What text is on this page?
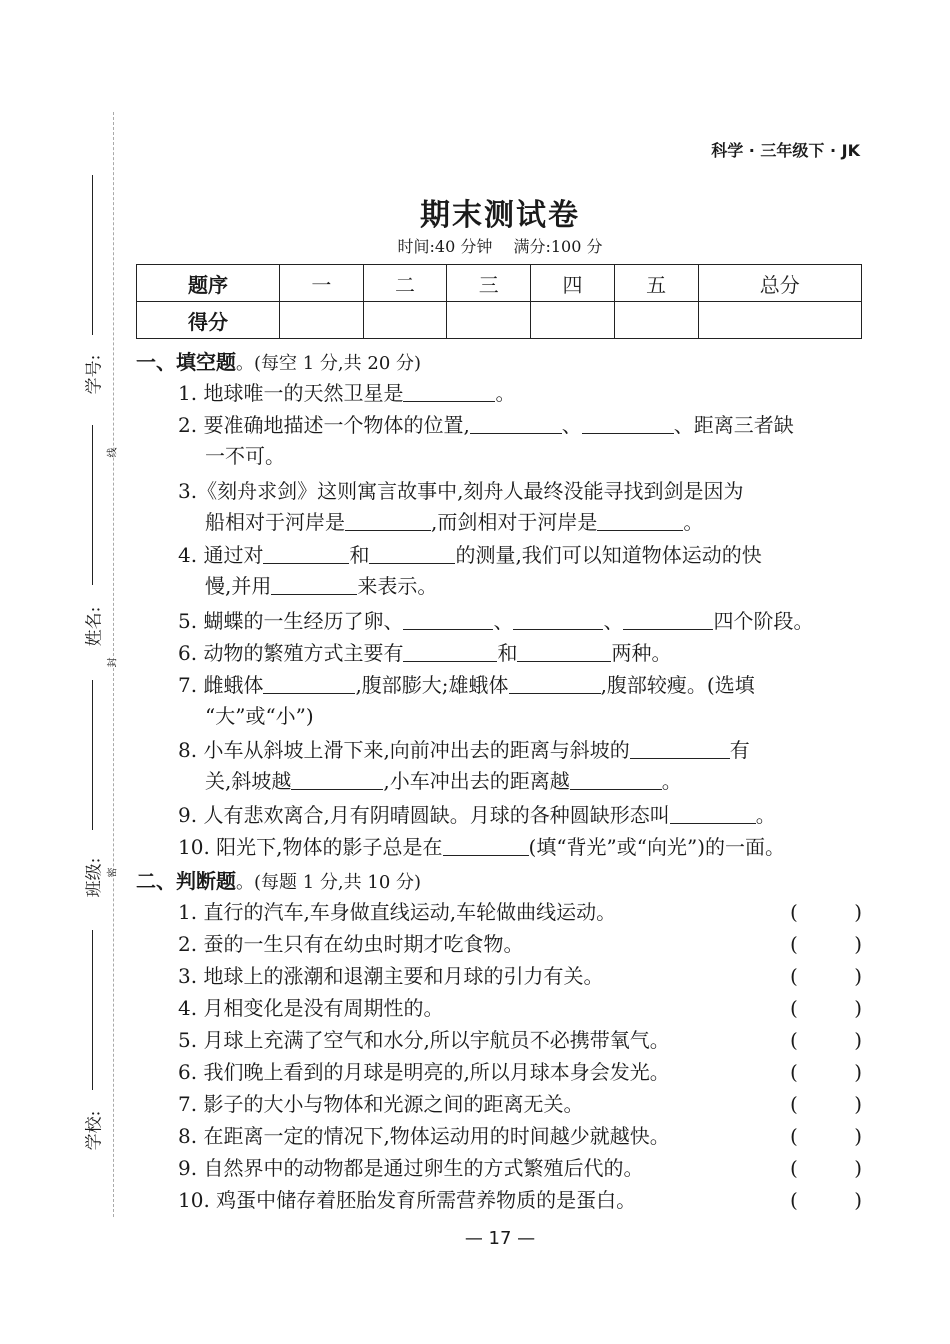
学号:
线
姓名:
封
班级: 密
学校:
科学 · 三年级下 · JK
期末测试卷
时间:40 分钟 满分:100 分
题序	一	二	三	四	五	总分
得分						
一、填空题。(每空 1 分,共 20 分)
1. 地球唯一的天然卫星是	。
2. 要准确地描述一个物体的位置,	、	、距离三者缺
一不可。
3.《刻舟求剑》这则寓言故事中,刻舟人最终没能寻找到剑是因为
船相对于河岸是	,而剑相对于河岸是	。
4. 通过对	和	的测量,我们可以知道物体运动的快
慢,并用	来表示。
5. 蝴蝶的一生经历了卵、	、	、	四个阶段。
6. 动物的繁殖方式主要有	和	两种。
7. 雌蛾体	,腹部膨大;雄蛾体	,腹部较瘦。(选填
“大”或“小”)
8. 小车从斜坡上滑下来,向前冲出去的距离与斜坡的	有
关,斜坡越	,小车冲出去的距离越	。
9. 人有悲欢离合,月有阴晴圆缺。月球的各种圆缺形态叫	。
10. 阳光下,物体的影子总是在	(填“背光”或“向光”)的一面。
二、判断题。(每题 1 分,共 10 分)
1. 直行的汽车,车身做直线运动,车轮做曲线运动。	(	)
2. 蚕的一生只有在幼虫时期才吃食物。	(	)
3. 地球上的涨潮和退潮主要和月球的引力有关。	(	)
4. 月相变化是没有周期性的。	(	)
5. 月球上充满了空气和水分,所以宇航员不必携带氧气。	(	)
6. 我们晚上看到的月球是明亮的,所以月球本身会发光。	(	)
7. 影子的大小与物体和光源之间的距离无关。	(	)
8. 在距离一定的情况下,物体运动用的时间越少就越快。	(	)
9. 自然界中的动物都是通过卵生的方式繁殖后代的。	(	)
10. 鸡蛋中储存着胚胎发育所需营养物质的是蛋白。	(	)
— 17 —
